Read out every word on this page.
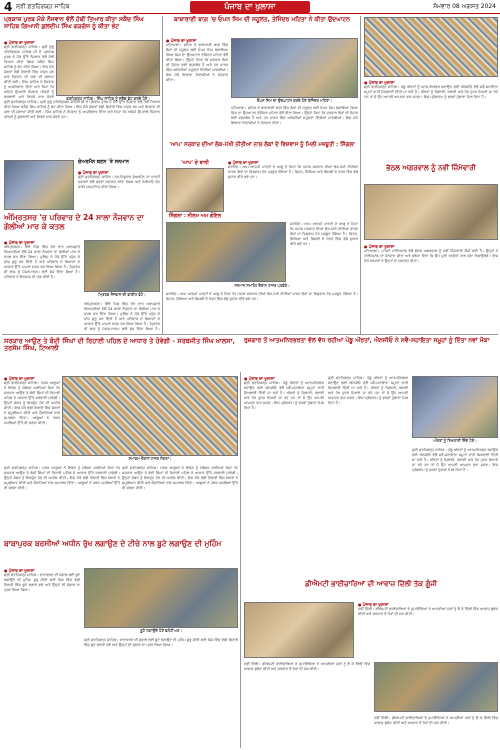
4 ਸ੍ਰੀ ਫ਼ਤਹਿਗੜ੍ਹ ਸਾਹਿਬ	ਪੰਜਾਬ ਦਾ ਖੁਲਾਸਾ	ਸੋਮਵਾਰ 08 ਅਗਸਤ 2024
ਪ੍ਰਕਾਸ਼ ਪੁਰਬ ਮੌਕੇ ਨੌਜਵਾਨ ਵੱਲੋਂ ਹੱਥੀਂ ਤਿਆਰ ਕੀਤਾ ਸਕੈਚ ਸਿੰਘ ਸਾਹਿਬ ਗਿਆਨੀ ਕੁਲਦੀਪ ਸਿੰਘ ਗੜਗੱਜ ਨੂੰ ਕੀਤਾ ਭੇਟ
● ਪੰਜਾਬ ਦਾ ਖੁਲਾਸਾ
ਸ਼੍ਰੀ ਫ਼ਤਹਿਗੜ੍ਹ ਸਾਹਿਬ। ਸ਼੍ਰੀ ਗੁਰੂ ਹਰਿਕ੍ਰਿਸ਼ਨ ਸਾਹਿਬ ਜੀ ਦੇ ਪ੍ਰਕਾਸ਼ ਪੁਰਬ ਦੇ ਮੌਕੇ ਉੱਤੇ ਨੌਜਵਾਨ ਵੱਲੋਂ ਹੱਥੀਂ ਤਿਆਰ ਕੀਤਾ ਗਿਆ ਸਕੈਚ ਸਿੰਘ ਸਾਹਿਬ ਨੂੰ ਭੇਟ ਕੀਤਾ ਗਿਆ। ਇਸ ਮੌਕੇ ਸੰਗਤਾਂ ਵੱਡੀ ਗਿਣਤੀ ਵਿੱਚ ਹਾਜ਼ਰ ਸਨ ਅਤੇ ਨੌਜਵਾਨ ਦੀ ਕਲਾ ਦੀ ਸ਼ਲਾਘਾ ਕੀਤੀ ਗਈ। ਸਿੰਘ ਸਾਹਿਬ ਨੇ ਨੌਜਵਾਨ ਨੂੰ ਆਸ਼ੀਰਵਾਦ ਦਿੱਤਾ ਅਤੇ ਕਿਹਾ ਕਿ ਅਜਿਹੇ ਉਪਰਾਲੇ ਨੌਜਵਾਨ ਪੀੜ੍ਹੀ ਨੂੰ ਗੁਰਬਾਣੀ ਅਤੇ ਵਿਰਸੇ ਨਾਲ ਜੋੜਦੇ
ਸ਼੍ਰੀ ਫ਼ਤਹਿਗੜ੍ਹ ਸਾਹਿਬ। ਸ਼੍ਰੀ ਗੁਰੂ ਹਰਿਕ੍ਰਿਸ਼ਨ ਸਾਹਿਬ ਜੀ ਦੇ ਪ੍ਰਕਾਸ਼ ਪੁਰਬ ਦੇ ਮੌਕੇ ਉੱਤੇ ਨੌਜਵਾਨ ਵੱਲੋਂ ਹੱਥੀਂ ਤਿਆਰ ਕੀਤਾ ਗਿਆ ਸਕੈਚ ਸਿੰਘ ਸਾਹਿਬ ਨੂੰ ਭੇਟ ਕੀਤਾ ਗਿਆ। ਇਸ ਮੌਕੇ ਸੰਗਤਾਂ ਵੱਡੀ ਗਿਣਤੀ ਵਿੱਚ ਹਾਜ਼ਰ ਸਨ ਅਤੇ ਨੌਜਵਾਨ ਦੀ ਕਲਾ ਦੀ ਸ਼ਲਾਘਾ ਕੀਤੀ ਗਈ। ਸਿੰਘ ਸਾਹਿਬ ਨੇ ਨੌਜਵਾਨ ਨੂੰ ਆਸ਼ੀਰਵਾਦ ਦਿੱਤਾ ਅਤੇ ਕਿਹਾ ਕਿ ਅਜਿਹੇ ਉਪਰਾਲੇ ਨੌਜਵਾਨ ਪੀੜ੍ਹੀ ਨੂੰ ਗੁਰਬਾਣੀ ਅਤੇ ਵਿਰਸੇ ਨਾਲ ਜੋੜਦੇ ਹਨ।
ਫ਼ਤਹਿਗੜ੍ਹ ਸਾਹਿਬ : ਸਿੰਘ ਸਾਹਿਬ ਨੂੰ ਸਕੈਚ ਭੇਟ ਕਰਦੇ ਹੋਏ।
ਚੇਅਰਮੈਨ ਬਣਨ 'ਤੇ ਸਨਮਾਨ
● ਪੰਜਾਬ ਦਾ ਖੁਲਾਸਾ
ਸ਼੍ਰੀ ਫ਼ਤਹਿਗੜ੍ਹ ਸਾਹਿਬ। ਨਵ-ਨਿਯੁਕਤ ਚੇਅਰਮੈਨ ਦਾ ਪਾਰਟੀ ਵਰਕਰਾਂ ਵੱਲੋਂ ਭਰਵਾਂ ਸਵਾਗਤ ਕੀਤਾ ਗਿਆ ਅਤੇ ਸਿਰੋਪਾਓ ਭੇਟ ਕਰਕੇ ਸਨਮਾਨਿਤ ਕੀਤਾ ਗਿਆ।
ਅੰਮ੍ਰਿਤਸਰ 'ਚ ਪਰਿਵਾਰ ਦੇ 24 ਸਾਲਾ ਨੌਜਵਾਨ ਦਾ ਗੋਲੀਆਂ ਮਾਰ ਕੇ ਕਤਲ
● ਪੰਜਾਬ ਦਾ ਖੁਲਾਸਾ
ਅੰਮ੍ਰਿਤਸਰ। ਇੱਥੇ ਪਿੰਡ ਵਿੱਚ ਦੇਰ ਰਾਤ ਅਣਪਛਾਤੇ ਵਿਅਕਤੀਆਂ ਵੱਲੋਂ 24 ਸਾਲਾ ਨੌਜਵਾਨ ਦਾ ਗੋਲੀਆਂ ਮਾਰ ਕੇ ਕਤਲ ਕਰ ਦਿੱਤਾ ਗਿਆ। ਪੁਲਿਸ ਨੇ ਮੌਕੇ ਉੱਤੇ ਪਹੁੰਚ ਕੇ ਜਾਂਚ ਸ਼ੁਰੂ ਕਰ ਦਿੱਤੀ ਹੈ ਅਤੇ ਪਰਿਵਾਰ ਦੇ ਬਿਆਨਾਂ ਦੇ ਆਧਾਰ ਉੱਤੇ ਮਾਮਲਾ ਦਰਜ ਕਰ ਲਿਆ ਗਿਆ ਹੈ। ਮ੍ਰਿਤਕ ਦੀ ਲਾਸ਼ ਨੂੰ ਪੋਸਟਮਾਰਟਮ ਲਈ ਭੇਜ ਦਿੱਤਾ ਗਿਆ ਹੈ। ਪਰਿਵਾਰ ਨੇ ਇਨਸਾਫ਼ ਦੀ ਮੰਗ ਕੀਤੀ ਹੈ।
ਮ੍ਰਿਤਕ ਨੌਜਵਾਨ ਦੀ ਫਾਈਲ ਫੋਟੋ।
ਅੰਮ੍ਰਿਤਸਰ। ਇੱਥੇ ਪਿੰਡ ਵਿੱਚ ਦੇਰ ਰਾਤ ਅਣਪਛਾਤੇ ਵਿਅਕਤੀਆਂ ਵੱਲੋਂ 24 ਸਾਲਾ ਨੌਜਵਾਨ ਦਾ ਗੋਲੀਆਂ ਮਾਰ ਕੇ ਕਤਲ ਕਰ ਦਿੱਤਾ ਗਿਆ। ਪੁਲਿਸ ਨੇ ਮੌਕੇ ਉੱਤੇ ਪਹੁੰਚ ਕੇ ਜਾਂਚ ਸ਼ੁਰੂ ਕਰ ਦਿੱਤੀ ਹੈ ਅਤੇ ਪਰਿਵਾਰ ਦੇ ਬਿਆਨਾਂ ਦੇ ਆਧਾਰ ਉੱਤੇ ਮਾਮਲਾ ਦਰਜ ਕਰ ਲਿਆ ਗਿਆ ਹੈ। ਮ੍ਰਿਤਕ ਦੀ ਲਾਸ਼ ਨੂੰ ਪੋਸਟਮਾਰਟਮ ਲਈ ਭੇਜ ਦਿੱਤਾ ਗਿਆ ਹੈ।
ਬਾਬਾਰਾਣੀ ਬਾਗ਼ 'ਚ ਓਪਨ ਜਿਮ ਦੀ ਸਹੂਲਤ, ਤੇਜਿੰਦਰ ਮਹਿਤਾ ਨੇ ਕੀਤਾ ਉਦਘਾਟਨ
● ਪੰਜਾਬ ਦਾ ਖੁਲਾਸਾ
ਪਟਿਆਲਾ। ਸ਼ਹਿਰ ਦੇ ਬਾਬਾਰਾਣੀ ਬਾਗ਼ ਵਿੱਚ ਲੋਕਾਂ ਦੀ ਸਹੂਲਤ ਲਈ ਓਪਨ ਜਿਮ ਲਗਾਇਆ ਗਿਆ ਜਿਸ ਦਾ ਉਦਘਾਟਨ ਤੇਜਿੰਦਰ ਮਹਿਤਾ ਵੱਲੋਂ ਕੀਤਾ ਗਿਆ। ਉਨ੍ਹਾਂ ਕਿਹਾ ਕਿ ਸਰਕਾਰ ਲੋਕਾਂ ਦੀ ਸਿਹਤ ਲਈ ਵਚਨਬੱਧ ਹੈ ਅਤੇ ਹਰ ਪਾਰਕ ਵਿੱਚ ਅਜਿਹੀਆਂ ਸਹੂਲਤਾਂ ਦਿੱਤੀਆਂ ਜਾਣਗੀਆਂ। ਇਸ ਮੌਕੇ ਇਲਾਕਾ ਨਿਵਾਸੀਆਂ ਨੇ ਧੰਨਵਾਦ ਕੀਤਾ।
ਓਪਨ ਜਿਮ ਦਾ ਉਦਘਾਟਨ ਕਰਦੇ ਹੋਏ ਤੇਜਿੰਦਰ ਮਹਿਤਾ।
ਪਟਿਆਲਾ। ਸ਼ਹਿਰ ਦੇ ਬਾਬਾਰਾਣੀ ਬਾਗ਼ ਵਿੱਚ ਲੋਕਾਂ ਦੀ ਸਹੂਲਤ ਲਈ ਓਪਨ ਜਿਮ ਲਗਾਇਆ ਗਿਆ ਜਿਸ ਦਾ ਉਦਘਾਟਨ ਤੇਜਿੰਦਰ ਮਹਿਤਾ ਵੱਲੋਂ ਕੀਤਾ ਗਿਆ। ਉਨ੍ਹਾਂ ਕਿਹਾ ਕਿ ਸਰਕਾਰ ਲੋਕਾਂ ਦੀ ਸਿਹਤ ਲਈ ਵਚਨਬੱਧ ਹੈ ਅਤੇ ਹਰ ਪਾਰਕ ਵਿੱਚ ਅਜਿਹੀਆਂ ਸਹੂਲਤਾਂ ਦਿੱਤੀਆਂ ਜਾਣਗੀਆਂ। ਇਸ ਮੌਕੇ ਇਲਾਕਾ ਨਿਵਾਸੀਆਂ ਨੇ ਧੰਨਵਾਦ ਕੀਤਾ।
'ਆਪ' ਸਰਕਾਰ ਦੀਆਂ ਲੋਕ-ਪੱਖੀ ਨੀਤੀਆਂ ਨਾਲ ਲੋਕਾਂ ਦੇ ਵਿਸ਼ਵਾਸ ਨੂੰ ਮਿਲੀ ਮਜ਼ਬੂਤੀ : ਸਿੰਗਲਾ
'ਆਪ' ਦੇ ਬਾਨੀ
ਸਿੰਗਲਾ : ਨੀਲਮ ਅਮ ਗੋਇਲ
● ਪੰਜਾਬ ਦਾ ਖੁਲਾਸਾ
ਸਰਹਿੰਦ। ਆਮ ਆਦਮੀ ਪਾਰਟੀ ਦੇ ਆਗੂ ਨੇ ਕਿਹਾ ਕਿ ਪੰਜਾਬ ਸਰਕਾਰ ਦੀਆਂ ਲੋਕ-ਪੱਖੀ ਨੀਤੀਆਂ ਕਾਰਨ ਲੋਕਾਂ ਦਾ ਵਿਸ਼ਵਾਸ ਹੋਰ ਮਜ਼ਬੂਤ ਹੋਇਆ ਹੈ। ਸਿਹਤ, ਸਿੱਖਿਆ ਅਤੇ ਬਿਜਲੀ ਦੇ ਖੇਤਰ ਵਿੱਚ ਵੱਡੇ ਸੁਧਾਰ ਕੀਤੇ ਗਏ ਹਨ।
ਸਰਹਿੰਦ। ਆਮ ਆਦਮੀ ਪਾਰਟੀ ਦੇ ਆਗੂ ਨੇ ਕਿਹਾ ਕਿ ਪੰਜਾਬ ਸਰਕਾਰ ਦੀਆਂ ਲੋਕ-ਪੱਖੀ ਨੀਤੀਆਂ ਕਾਰਨ ਲੋਕਾਂ ਦਾ ਵਿਸ਼ਵਾਸ ਹੋਰ ਮਜ਼ਬੂਤ ਹੋਇਆ ਹੈ। ਸਿਹਤ, ਸਿੱਖਿਆ ਅਤੇ ਬਿਜਲੀ ਦੇ ਖੇਤਰ ਵਿੱਚ ਵੱਡੇ ਸੁਧਾਰ ਕੀਤੇ ਗਏ ਹਨ।
ਸਨਮਾਨ ਸਮਾਰੋਹ ਦੌਰਾਨ ਹਾਜ਼ਰ ਪਤਵੰਤੇ।
ਸਰਹਿੰਦ। ਆਮ ਆਦਮੀ ਪਾਰਟੀ ਦੇ ਆਗੂ ਨੇ ਕਿਹਾ ਕਿ ਪੰਜਾਬ ਸਰਕਾਰ ਦੀਆਂ ਲੋਕ-ਪੱਖੀ ਨੀਤੀਆਂ ਕਾਰਨ ਲੋਕਾਂ ਦਾ ਵਿਸ਼ਵਾਸ ਹੋਰ ਮਜ਼ਬੂਤ ਹੋਇਆ ਹੈ। ਸਿਹਤ, ਸਿੱਖਿਆ ਅਤੇ ਬਿਜਲੀ ਦੇ ਖੇਤਰ ਵਿੱਚ ਵੱਡੇ ਸੁਧਾਰ ਕੀਤੇ ਗਏ ਹਨ।
● ਪੰਜਾਬ ਦਾ ਖੁਲਾਸਾ
ਸ਼੍ਰੀ ਫ਼ਤਹਿਗੜ੍ਹ ਸਾਹਿਬ। ਪੇਂਡੂ ਔਰਤਾਂ ਨੂੰ ਆਤਮਨਿਰਭਰ ਬਣਾਉਣ ਲਈ ਐਨਜੀਓ ਵੱਲੋਂ ਸਵੈ-ਸਹਾਇਤਾ ਸਮੂਹਾਂ ਰਾਹੀਂ ਸਿਖਲਾਈ ਦਿੱਤੀ ਜਾ ਰਹੀ ਹੈ। ਔਰਤਾਂ ਨੂੰ ਸਿਲਾਈ, ਕਢਾਈ ਅਤੇ ਹੋਰ ਹੁਨਰ ਸਿਖਾਏ ਜਾ ਰਹੇ ਹਨ ਤਾਂ ਜੋ ਉਹ ਆਪਣੀ ਆਮਦਨ ਵਧਾ ਸਕਣ। ਇਸ ਪ੍ਰੋਗਰਾਮ ਨੂੰ ਭਰਵਾਂ ਹੁੰਗਾਰਾ ਮਿਲ ਰਿਹਾ ਹੈ।
ਭੱਠਲ ਅਗਰਵਾਲ ਨੂੰ ਨਵੀਂ ਜ਼ਿੰਮੇਵਾਰੀ
● ਪੰਜਾਬ ਦਾ ਖੁਲਾਸਾ
ਪਟਿਆਲਾ। ਪਾਰਟੀ ਹਾਈਕਮਾਂਡ ਵੱਲੋਂ ਭੱਠਲ ਅਗਰਵਾਲ ਨੂੰ ਨਵੀਂ ਜ਼ਿੰਮੇਵਾਰੀ ਸੌਂਪੀ ਗਈ ਹੈ। ਉਨ੍ਹਾਂ ਨੇ ਹਾਈਕਮਾਂਡ ਦਾ ਧੰਨਵਾਦ ਕੀਤਾ ਅਤੇ ਭਰੋਸਾ ਦਿੱਤਾ ਕਿ ਉਹ ਪੂਰੀ ਤਨਦੇਹੀ ਨਾਲ ਸੇਵਾ ਨਿਭਾਉਣਗੇ। ਇਸ ਮੌਕੇ ਵਰਕਰਾਂ ਨੇ ਉਨ੍ਹਾਂ ਦਾ ਸਵਾਗਤ ਕੀਤਾ।
ਸਰਕਾਰ ਆਉਣ ਤੇ ਬੰਦੀ ਸਿੰਘਾਂ ਦੀ ਰਿਹਾਈ ਪਹਿਲ ਦੇ ਆਧਾਰ ਤੇ ਹੋਵੇਗੀ - ਸਰਬਜੀਤ ਸਿੰਘ ਖਾਲਸਾ, ਤਰਸੇਮ ਸਿੰਘ, ਟਿਆਲੀ
● ਪੰਜਾਬ ਦਾ ਖੁਲਾਸਾ
ਸ਼੍ਰੀ ਫ਼ਤਹਿਗੜ੍ਹ ਸਾਹਿਬ। ਪੰਥਕ ਆਗੂਆਂ ਨੇ ਇਕੱਠ ਨੂੰ ਸੰਬੋਧਨ ਕਰਦਿਆਂ ਕਿਹਾ ਕਿ ਸਰਕਾਰ ਆਉਣ ਤੇ ਬੰਦੀ ਸਿੰਘਾਂ ਦੀ ਰਿਹਾਈ ਪਹਿਲ ਦੇ ਆਧਾਰ ਉੱਤੇ ਕਰਵਾਈ ਜਾਵੇਗੀ। ਉਨ੍ਹਾਂ ਸੰਗਤ ਨੂੰ ਇਕਜੁੱਟ ਹੋਣ ਦੀ ਅਪੀਲ ਕੀਤੀ। ਇਸ ਮੌਕੇ ਵੱਡੀ ਗਿਣਤੀ ਵਿੱਚ ਸੰਗਤਾਂ ਨੇ ਸ਼ਮੂਲੀਅਤ ਕੀਤੀ ਅਤੇ ਜੈਕਾਰਿਆਂ ਨਾਲ ਸਮਰਥਨ ਦਿੱਤਾ। ਆਗੂਆਂ ਨੇ ਪੰਥਕ ਮਸਲਿਆਂ ਉੱਤੇ ਵੀ ਚਰਚਾ ਕੀਤੀ।
ਸਮਾਗਮ ਦੌਰਾਨ ਹਾਜ਼ਰ ਸੰਗਤਾਂ।
ਸ਼੍ਰੀ ਫ਼ਤਹਿਗੜ੍ਹ ਸਾਹਿਬ। ਪੰਥਕ ਆਗੂਆਂ ਨੇ ਇਕੱਠ ਨੂੰ ਸੰਬੋਧਨ ਕਰਦਿਆਂ ਕਿਹਾ ਕਿ ਸਰਕਾਰ ਆਉਣ ਤੇ ਬੰਦੀ ਸਿੰਘਾਂ ਦੀ ਰਿਹਾਈ ਪਹਿਲ ਦੇ ਆਧਾਰ ਉੱਤੇ ਕਰਵਾਈ ਜਾਵੇਗੀ। ਉਨ੍ਹਾਂ ਸੰਗਤ ਨੂੰ ਇਕਜੁੱਟ ਹੋਣ ਦੀ ਅਪੀਲ ਕੀਤੀ। ਇਸ ਮੌਕੇ ਵੱਡੀ ਗਿਣਤੀ ਵਿੱਚ ਸੰਗਤਾਂ ਨੇ ਸ਼ਮੂਲੀਅਤ ਕੀਤੀ ਅਤੇ ਜੈਕਾਰਿਆਂ ਨਾਲ ਸਮਰਥਨ ਦਿੱਤਾ। ਆਗੂਆਂ ਨੇ ਪੰਥਕ ਮਸਲਿਆਂ ਉੱਤੇ ਵੀ ਚਰਚਾ ਕੀਤੀ।
ਸ਼੍ਰੀ ਫ਼ਤਹਿਗੜ੍ਹ ਸਾਹਿਬ। ਪੰਥਕ ਆਗੂਆਂ ਨੇ ਇਕੱਠ ਨੂੰ ਸੰਬੋਧਨ ਕਰਦਿਆਂ ਕਿਹਾ ਕਿ ਸਰਕਾਰ ਆਉਣ ਤੇ ਬੰਦੀ ਸਿੰਘਾਂ ਦੀ ਰਿਹਾਈ ਪਹਿਲ ਦੇ ਆਧਾਰ ਉੱਤੇ ਕਰਵਾਈ ਜਾਵੇਗੀ। ਉਨ੍ਹਾਂ ਸੰਗਤ ਨੂੰ ਇਕਜੁੱਟ ਹੋਣ ਦੀ ਅਪੀਲ ਕੀਤੀ। ਇਸ ਮੌਕੇ ਵੱਡੀ ਗਿਣਤੀ ਵਿੱਚ ਸੰਗਤਾਂ ਨੇ ਸ਼ਮੂਲੀਅਤ ਕੀਤੀ ਅਤੇ ਜੈਕਾਰਿਆਂ ਨਾਲ ਸਮਰਥਨ ਦਿੱਤਾ। ਆਗੂਆਂ ਨੇ ਪੰਥਕ ਮਸਲਿਆਂ ਉੱਤੇ ਵੀ ਚਰਚਾ ਕੀਤੀ।
ਬਾਬਾਪੁਰਕ ਬਰਸੀਆਂ ਅਧੀਨ ਰੁੱਖ ਲਗਾਉਣ ਦੇ ਟੀਚੇ ਨਾਲ ਬੂਟੇ ਲਗਾਉਣ ਦੀ ਮੁਹਿੰਮ
● ਪੰਜਾਬ ਦਾ ਖੁਲਾਸਾ
ਸ਼੍ਰੀ ਫ਼ਤਹਿਗੜ੍ਹ ਸਾਹਿਬ। ਵਾਤਾਵਰਣ ਦੀ ਸੰਭਾਲ ਲਈ ਬੂਟੇ ਲਗਾਉਣ ਦੀ ਮੁਹਿੰਮ ਸ਼ੁਰੂ ਕੀਤੀ ਗਈ ਜਿਸ ਵਿੱਚ ਵੱਡੀ ਗਿਣਤੀ ਵਿੱਚ ਬੂਟੇ ਲਗਾਏ ਗਏ ਅਤੇ ਉਨ੍ਹਾਂ ਦੀ ਸੰਭਾਲ ਦਾ ਪ੍ਰਣ ਲਿਆ ਗਿਆ।
ਬੂਟੇ ਲਗਾਉਂਦੇ ਹੋਏ ਵਲੰਟੀਅਰ।
ਸ਼੍ਰੀ ਫ਼ਤਹਿਗੜ੍ਹ ਸਾਹਿਬ। ਵਾਤਾਵਰਣ ਦੀ ਸੰਭਾਲ ਲਈ ਬੂਟੇ ਲਗਾਉਣ ਦੀ ਮੁਹਿੰਮ ਸ਼ੁਰੂ ਕੀਤੀ ਗਈ ਜਿਸ ਵਿੱਚ ਵੱਡੀ ਗਿਣਤੀ ਵਿੱਚ ਬੂਟੇ ਲਗਾਏ ਗਏ ਅਤੇ ਉਨ੍ਹਾਂ ਦੀ ਸੰਭਾਲ ਦਾ ਪ੍ਰਣ ਲਿਆ ਗਿਆ।
ਰੁਜ਼ਗਾਰ ਤੋਂ ਆਤਮਨਿਰਭਰਤਾ ਵੱਲ ਵੱਧ ਰਹੀਆਂ ਪੇਂਡੂ ਔਰਤਾਂ, ਐਨਜੀਓ ਨੇ ਸਵੈ-ਸਹਾਇਤਾ ਸਮੂਹਾਂ ਨੂੰ ਦਿੱਤਾ ਨਵਾਂ ਮੌਕਾ
● ਪੰਜਾਬ ਦਾ ਖੁਲਾਸਾ
ਸ਼੍ਰੀ ਫ਼ਤਹਿਗੜ੍ਹ ਸਾਹਿਬ। ਪੇਂਡੂ ਔਰਤਾਂ ਨੂੰ ਆਤਮਨਿਰਭਰ ਬਣਾਉਣ ਲਈ ਐਨਜੀਓ ਵੱਲੋਂ ਸਵੈ-ਸਹਾਇਤਾ ਸਮੂਹਾਂ ਰਾਹੀਂ ਸਿਖਲਾਈ ਦਿੱਤੀ ਜਾ ਰਹੀ ਹੈ। ਔਰਤਾਂ ਨੂੰ ਸਿਲਾਈ, ਕਢਾਈ ਅਤੇ ਹੋਰ ਹੁਨਰ ਸਿਖਾਏ ਜਾ ਰਹੇ ਹਨ ਤਾਂ ਜੋ ਉਹ ਆਪਣੀ ਆਮਦਨ ਵਧਾ ਸਕਣ। ਇਸ ਪ੍ਰੋਗਰਾਮ ਨੂੰ ਭਰਵਾਂ ਹੁੰਗਾਰਾ ਮਿਲ ਰਿਹਾ ਹੈ।
ਸ਼੍ਰੀ ਫ਼ਤਹਿਗੜ੍ਹ ਸਾਹਿਬ। ਪੇਂਡੂ ਔਰਤਾਂ ਨੂੰ ਆਤਮਨਿਰਭਰ ਬਣਾਉਣ ਲਈ ਐਨਜੀਓ ਵੱਲੋਂ ਸਵੈ-ਸਹਾਇਤਾ ਸਮੂਹਾਂ ਰਾਹੀਂ ਸਿਖਲਾਈ ਦਿੱਤੀ ਜਾ ਰਹੀ ਹੈ। ਔਰਤਾਂ ਨੂੰ ਸਿਲਾਈ, ਕਢਾਈ ਅਤੇ ਹੋਰ ਹੁਨਰ ਸਿਖਾਏ ਜਾ ਰਹੇ ਹਨ ਤਾਂ ਜੋ ਉਹ ਆਪਣੀ ਆਮਦਨ ਵਧਾ ਸਕਣ। ਇਸ ਪ੍ਰੋਗਰਾਮ ਨੂੰ ਭਰਵਾਂ ਹੁੰਗਾਰਾ ਮਿਲ ਰਿਹਾ ਹੈ।
ਔਰਤਾਂ ਨੂੰ ਸਿਖਲਾਈ ਦਿੰਦੇ ਹੋਏ।
ਸ਼੍ਰੀ ਫ਼ਤਹਿਗੜ੍ਹ ਸਾਹਿਬ। ਪੇਂਡੂ ਔਰਤਾਂ ਨੂੰ ਆਤਮਨਿਰਭਰ ਬਣਾਉਣ ਲਈ ਐਨਜੀਓ ਵੱਲੋਂ ਸਵੈ-ਸਹਾਇਤਾ ਸਮੂਹਾਂ ਰਾਹੀਂ ਸਿਖਲਾਈ ਦਿੱਤੀ ਜਾ ਰਹੀ ਹੈ। ਔਰਤਾਂ ਨੂੰ ਸਿਲਾਈ, ਕਢਾਈ ਅਤੇ ਹੋਰ ਹੁਨਰ ਸਿਖਾਏ ਜਾ ਰਹੇ ਹਨ ਤਾਂ ਜੋ ਉਹ ਆਪਣੀ ਆਮਦਨ ਵਧਾ ਸਕਣ। ਇਸ ਪ੍ਰੋਗਰਾਮ ਨੂੰ ਭਰਵਾਂ ਹੁੰਗਾਰਾ ਮਿਲ ਰਿਹਾ ਹੈ।
ਡੀਐਮਟੀ ਭਾਈਚਾਰਿਆਂ ਦੀ ਆਵਾਜ਼ ਦਿੱਲੀ ਤੱਕ ਗੂੰਜੀ
● ਪੰਜਾਬ ਦਾ ਖੁਲਾਸਾ
ਨਵੀਂ ਦਿੱਲੀ। ਡੀਐਮਟੀ ਭਾਈਚਾਰਿਆਂ ਦੇ ਨੁਮਾਇੰਦਿਆਂ ਨੇ ਆਪਣੀਆਂ ਮੰਗਾਂ ਨੂੰ ਲੈ ਕੇ ਦਿੱਲੀ ਵਿੱਚ ਆਵਾਜ਼ ਬੁਲੰਦ ਕੀਤੀ ਅਤੇ ਸਰਕਾਰ ਤੋਂ ਹੱਕਾਂ ਦੀ ਮੰਗ ਕੀਤੀ।
ਨਵੀਂ ਦਿੱਲੀ। ਡੀਐਮਟੀ ਭਾਈਚਾਰਿਆਂ ਦੇ ਨੁਮਾਇੰਦਿਆਂ ਨੇ ਆਪਣੀਆਂ ਮੰਗਾਂ ਨੂੰ ਲੈ ਕੇ ਦਿੱਲੀ ਵਿੱਚ ਆਵਾਜ਼ ਬੁਲੰਦ ਕੀਤੀ ਅਤੇ ਸਰਕਾਰ ਤੋਂ ਹੱਕਾਂ ਦੀ ਮੰਗ ਕੀਤੀ।
ਨਵੀਂ ਦਿੱਲੀ। ਡੀਐਮਟੀ ਭਾਈਚਾਰਿਆਂ ਦੇ ਨੁਮਾਇੰਦਿਆਂ ਨੇ ਆਪਣੀਆਂ ਮੰਗਾਂ ਨੂੰ ਲੈ ਕੇ ਦਿੱਲੀ ਵਿੱਚ ਆਵਾਜ਼ ਬੁਲੰਦ ਕੀਤੀ ਅਤੇ ਸਰਕਾਰ ਤੋਂ ਹੱਕਾਂ ਦੀ ਮੰਗ ਕੀਤੀ।
